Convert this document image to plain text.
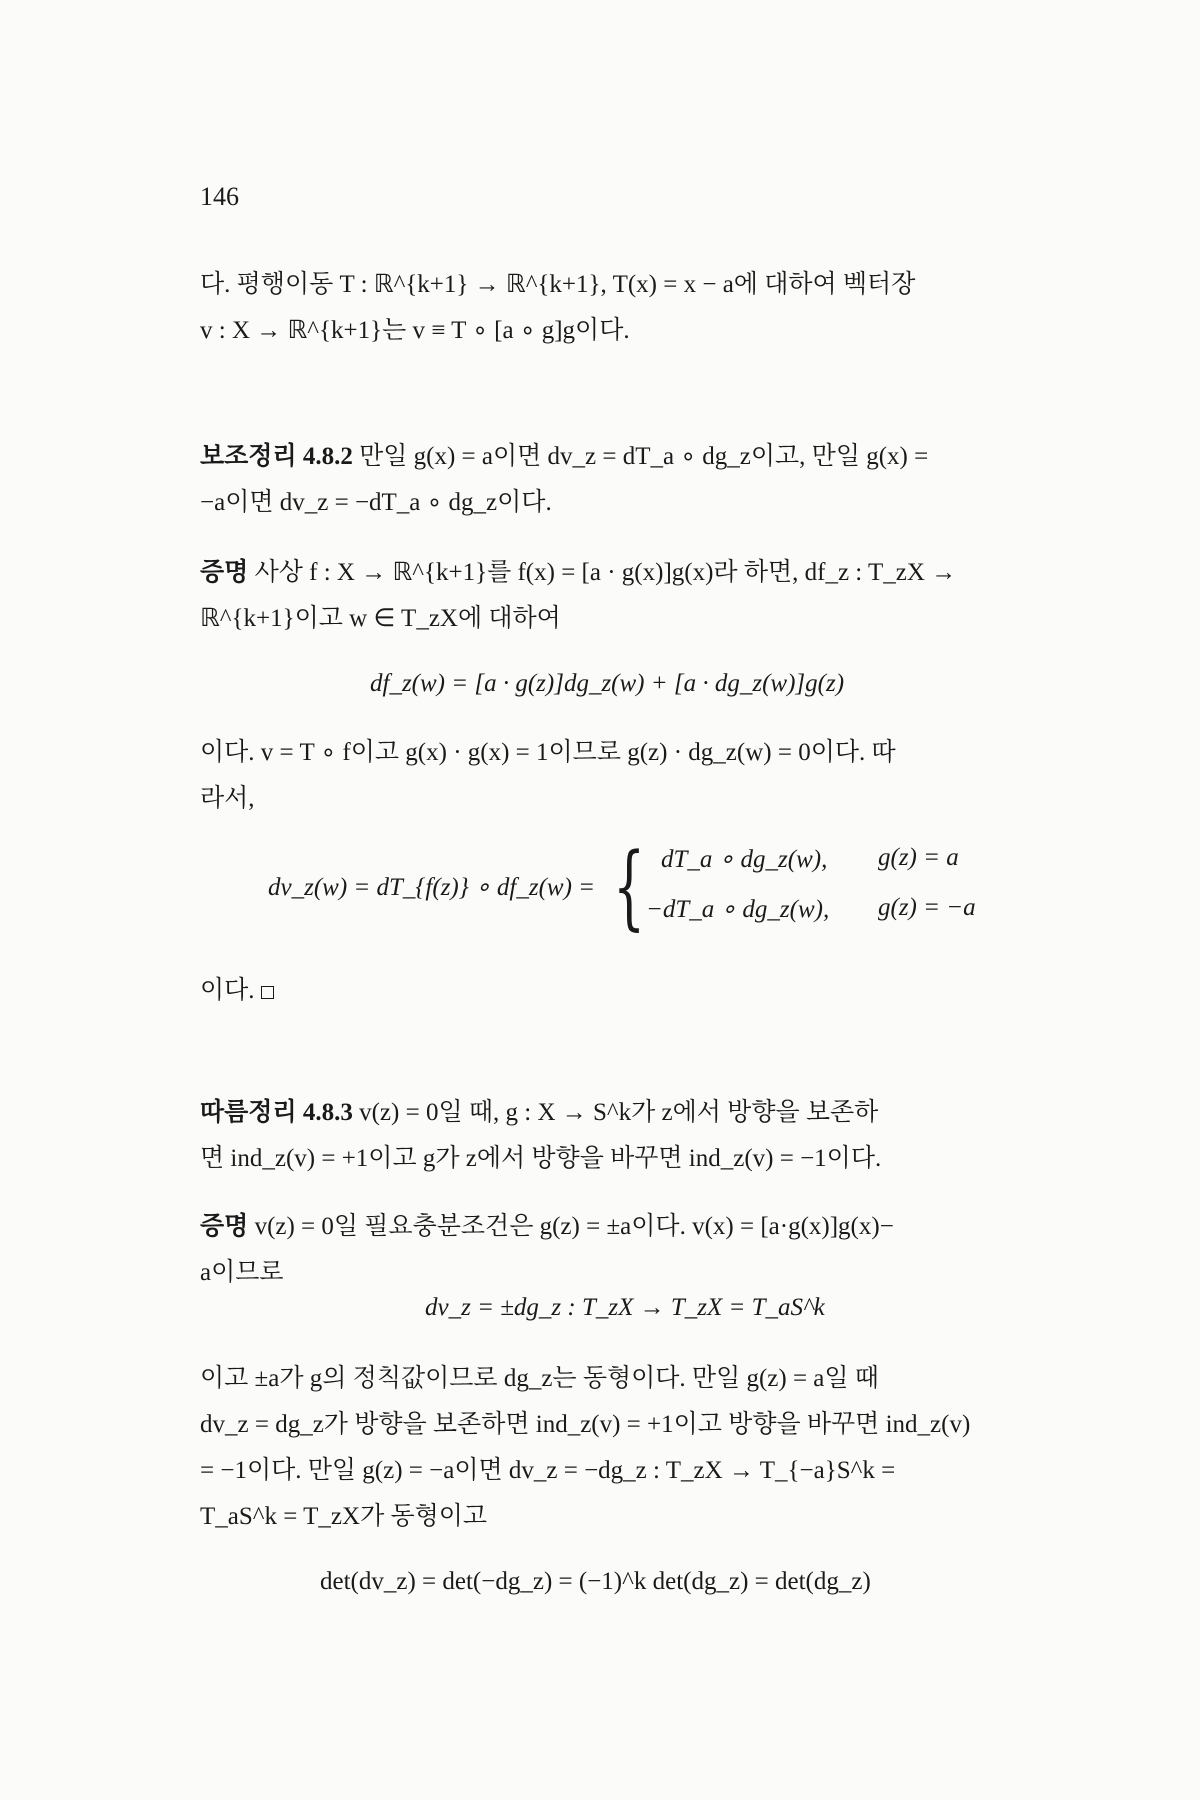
146

다. 평행이동 T : ℝ^{k+1} → ℝ^{k+1}, T(x) = x − a에 대하여 벡터장

v : X → ℝ^{k+1}는 v ≡ T ∘ [a ∘ g]g이다.

보조정리 4.8.2 만일 g(x) = a이면 dv_z = dT_a ∘ dg_z이고, 만일 g(x) =

−a이면 dv_z = −dT_a ∘ dg_z이다.

증명 사상 f : X → ℝ^{k+1}를 f(x) = [a · g(x)]g(x)라 하면, df_z : T_zX →

ℝ^{k+1}이고 w ∈ T_zX에 대하여

df_z(w) = [a · g(z)]dg_z(w) + [a · dg_z(w)]g(z)

이다. v = T ∘ f이고 g(x) · g(x) = 1이므로 g(z) · dg_z(w) = 0이다. 따

라서,

dv_z(w) = dT_{f(z)} ∘ df_z(w) = { dT_a ∘ dg_z(w), g(z) = a
−dT_a ∘ dg_z(w), g(z) = −a

이다.

따름정리 4.8.3 v(z) = 0일 때, g : X → S^k가 z에서 방향을 보존하

면 ind_z(v) = +1이고 g가 z에서 방향을 바꾸면 ind_z(v) = −1이다.

증명 v(z) = 0일 필요충분조건은 g(z) = ±a이다. v(x) = [a·g(x)]g(x)−

a이므로

dv_z = ±dg_z : T_zX → T_zX = T_aS^k

이고 ±a가 g의 정칙값이므로 dg_z는 동형이다. 만일 g(z) = a일 때

dv_z = dg_z가 방향을 보존하면 ind_z(v) = +1이고 방향을 바꾸면 ind_z(v)

= −1이다. 만일 g(z) = −a이면 dv_z = −dg_z : T_zX → T_{−a}S^k =

T_aS^k = T_zX가 동형이고

det(dv_z) = det(−dg_z) = (−1)^k det(dg_z) = det(dg_z)
